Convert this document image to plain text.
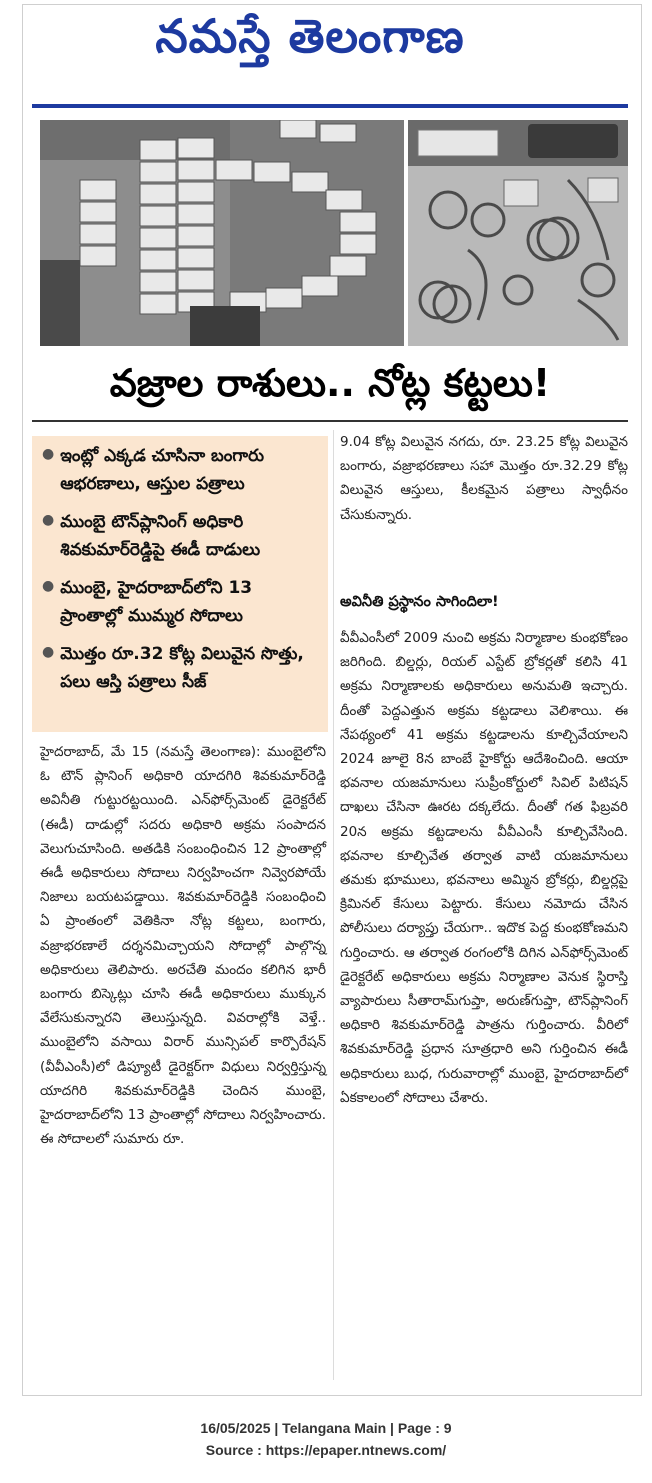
నమస్తే తెలంగాణ
వజ్రాల రాశులు.. నోట్ల కట్టలు!
● ఇంట్లో ఎక్కడ చూసినా బంగారు ఆభరణాలు, ఆస్తుల పత్రాలు
● ముంబై టౌన్‌ప్లానింగ్ అధికారి శివకుమార్‌రెడ్డిపై ఈడీ దాడులు
● ముంబై, హైదరాబాద్‌లోని 13 ప్రాంతాల్లో ముమ్మర సోదాలు
● మొత్తం రూ.32 కోట్ల విలువైన సొత్తు, పలు ఆస్తి పత్రాలు సీజ్
హైదరాబాద్, మే 15 (నమస్తే తెలంగాణ): ముంబైలోని ఓ టౌన్ ప్లానింగ్ అధికారి యాదగిరి శివకుమార్‌రెడ్డి అవినీతి గుట్టురట్టయింది. ఎన్‌ఫోర్స్‌మెంట్ డైరెక్టరేట్ (ఈడీ) దాడుల్లో సదరు అధికారి అక్రమ సంపాదన వెలుగుచూసింది. అతడికి సంబంధించిన 12 ప్రాంతాల్లో ఈడీ అధికారులు సోదాలు నిర్వహించగా నివ్వెరపోయే నిజాలు బయటపడ్డాయి. శివకుమార్‌రెడ్డికి సంబంధించి ఏ ప్రాంతంలో వెతికినా నోట్ల కట్టలు, బంగారు, వజ్రాభరణాలే దర్శనమిచ్చాయని సోదాల్లో పాల్గొన్న అధికారులు తెలిపారు. అరచేతి మందం కలిగిన భారీ బంగారు బిస్కెట్లు చూసి ఈడీ అధికారులు ముక్కున వేలేసుకున్నారని తెలుస్తున్నది. వివరాల్లోకి వెళ్తే.. ముంబైలోని వసాయి విరార్ మున్సిపల్ కార్పొరేషన్ (వీవీఎంసీ)లో డిప్యూటీ డైరెక్టర్‌గా విధులు నిర్వర్తిస్తున్న యాదగిరి శివకుమార్‌రెడ్డికి చెందిన ముంబై, హైదరాబాద్‌లోని 13 ప్రాంతాల్లో సోదాలు నిర్వహించారు. ఈ సోదాలలో సుమారు రూ.
9.04 కోట్ల విలువైన నగదు, రూ. 23.25 కోట్ల విలువైన బంగారు, వజ్రాభరణాలు సహా మొత్తం రూ.32.29 కోట్ల విలువైన ఆస్తులు, కీలకమైన పత్రాలు స్వాధీనం చేసుకున్నారు.
అవినీతి ప్రస్థానం సాగిందిలా!
వీవీఎంసీలో 2009 నుంచి అక్రమ నిర్మాణాల కుంభకోణం జరిగింది. బిల్డర్లు, రియల్ ఎస్టేట్ బ్రోకర్లతో కలిసి 41 అక్రమ నిర్మాణాలకు అధికారులు అనుమతి ఇచ్చారు. దీంతో పెద్దఎత్తున అక్రమ కట్టడాలు వెలిశాయి. ఈ నేపథ్యంలో 41 అక్రమ కట్టడాలను కూల్చివేయాలని 2024 జూలై 8న బాంబే హైకోర్టు ఆదేశించింది. ఆయా భవనాల యజమానులు సుప్రీంకోర్టులో సివిల్ పిటిషన్ దాఖలు చేసినా ఊరట దక్కలేదు. దీంతో గత ఫిబ్రవరి 20న అక్రమ కట్టడాలను వీవీఎంసీ కూల్చివేసింది. భవనాల కూల్చివేత తర్వాత వాటి యజమానులు తమకు భూములు, భవనాలు అమ్మిన బ్రోకర్లు, బిల్డర్లపై క్రిమినల్ కేసులు పెట్టారు. కేసులు నమోదు చేసిన పోలీసులు దర్యాప్తు చేయగా.. ఇదొక పెద్ద కుంభకోణమని గుర్తించారు. ఆ తర్వాత రంగంలోకి దిగిన ఎన్‌ఫోర్స్‌మెంట్ డైరెక్టరేట్ అధికారులు అక్రమ నిర్మాణాల వెనుక స్థిరాస్తి వ్యాపారులు సీతారామ్‌గుప్తా, అరుణ్‌గుప్తా, టౌన్‌ప్లానింగ్ అధికారి శివకుమార్‌రెడ్డి పాత్రను గుర్తించారు. వీరిలో శివకుమార్‌రెడ్డి ప్రధాన సూత్రధారి అని గుర్తించిన ఈడీ అధికారులు బుధ, గురువారాల్లో ముంబై, హైదరాబాద్‌లో ఏకకాలంలో సోదాలు చేశారు.
16/05/2025 | Telangana Main | Page : 9
Source : https://epaper.ntnews.com/
